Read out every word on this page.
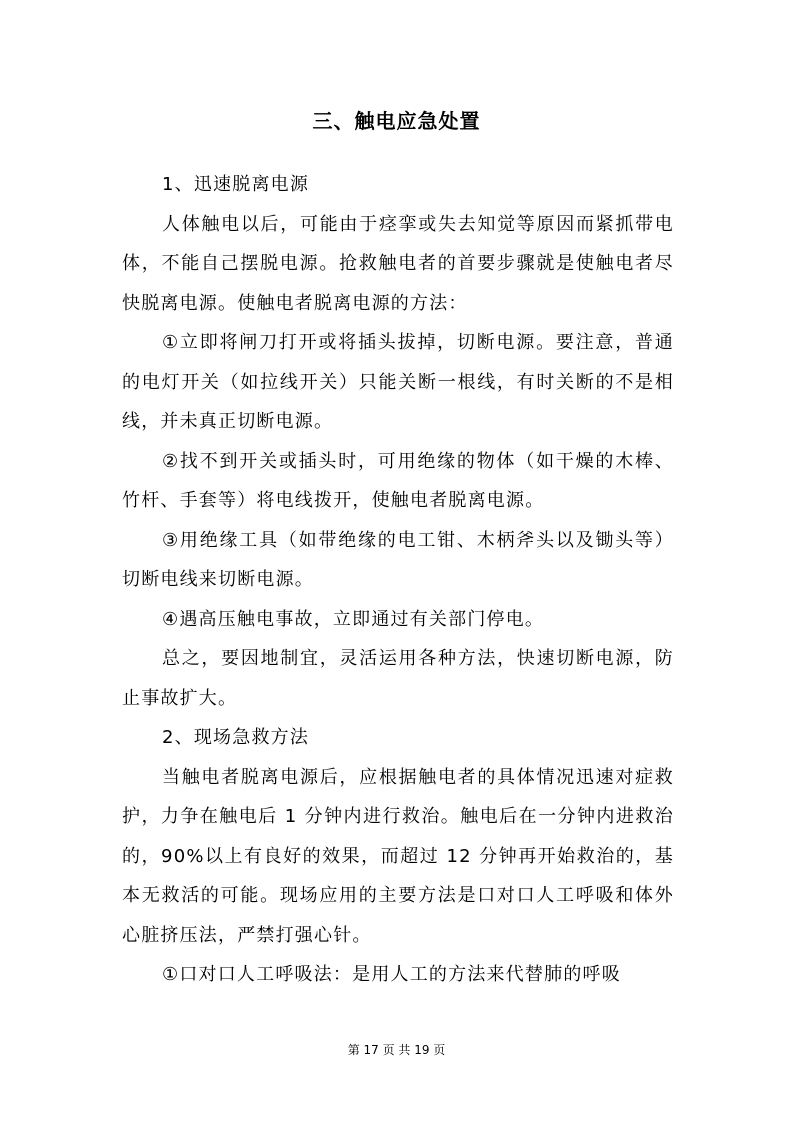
三、触电应急处置

1、迅速脱离电源

人体触电以后，可能由于痉挛或失去知觉等原因而紧抓带电体，不能自己摆脱电源。抢救触电者的首要步骤就是使触电者尽快脱离电源。使触电者脱离电源的方法：

①立即将闸刀打开或将插头拔掉，切断电源。要注意，普通的电灯开关（如拉线开关）只能关断一根线，有时关断的不是相线，并未真正切断电源。

②找不到开关或插头时，可用绝缘的物体（如干燥的木棒、竹杆、手套等）将电线拨开，使触电者脱离电源。

③用绝缘工具（如带绝缘的电工钳、木柄斧头以及锄头等）切断电线来切断电源。

④遇高压触电事故，立即通过有关部门停电。

总之，要因地制宜，灵活运用各种方法，快速切断电源，防止事故扩大。

2、现场急救方法

当触电者脱离电源后，应根据触电者的具体情况迅速对症救护，力争在触电后 1 分钟内进行救治。触电后在一分钟内进救治的，90%以上有良好的效果，而超过 12 分钟再开始救治的，基本无救活的可能。现场应用的主要方法是口对口人工呼吸和体外心脏挤压法，严禁打强心针。

①口对口人工呼吸法：是用人工的方法来代替肺的呼吸

第 17 页 共 19 页
